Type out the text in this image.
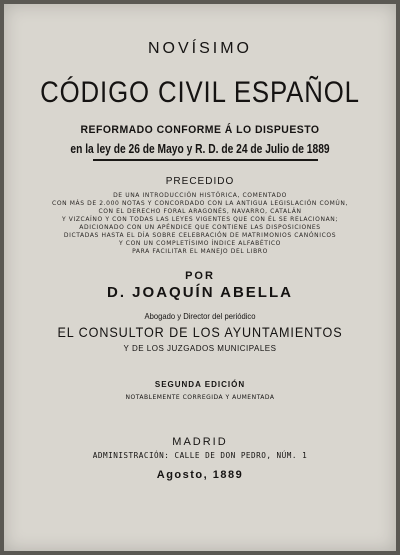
NOVÍSIMO
CÓDIGO CIVIL ESPAÑOL
REFORMADO CONFORME Á LO DISPUESTO
en la ley de 26 de Mayo y R. D. de 24 de Julio de 1889
PRECEDIDO
DE UNA INTRODUCCIÓN HISTÓRICA, COMENTADO
CON MÁS DE 2.000 NOTAS Y CONCORDADO CON LA ANTIGUA LEGISLACIÓN COMÚN,
CON EL DERECHO FORAL ARAGONÉS, NAVARRO, CATALÁN
Y VIZCAÍNO Y CON TODAS LAS LEYES VIGENTES QUE CON ÉL SE RELACIONAN;
ADICIONADO CON UN APÉNDICE QUE CONTIENE LAS DISPOSICIONES
DICTADAS HASTA EL DÍA SOBRE CELEBRACIÓN DE MATRIMONIOS CANÓNICOS
Y CON UN COMPLETÍSIMO ÍNDICE ALFABÉTICO
PARA FACILITAR EL MANEJO DEL LIBRO
POR
D. JOAQUÍN ABELLA
Abogado y Director del periódico
EL CONSULTOR DE LOS AYUNTAMIENTOS
Y DE LOS JUZGADOS MUNICIPALES
SEGUNDA EDICIÓN
NOTABLEMENTE CORREGIDA Y AUMENTADA
MADRID
ADMINISTRACIÓN: CALLE DE DON PEDRO, NÚM. 1
Agosto, 1889
